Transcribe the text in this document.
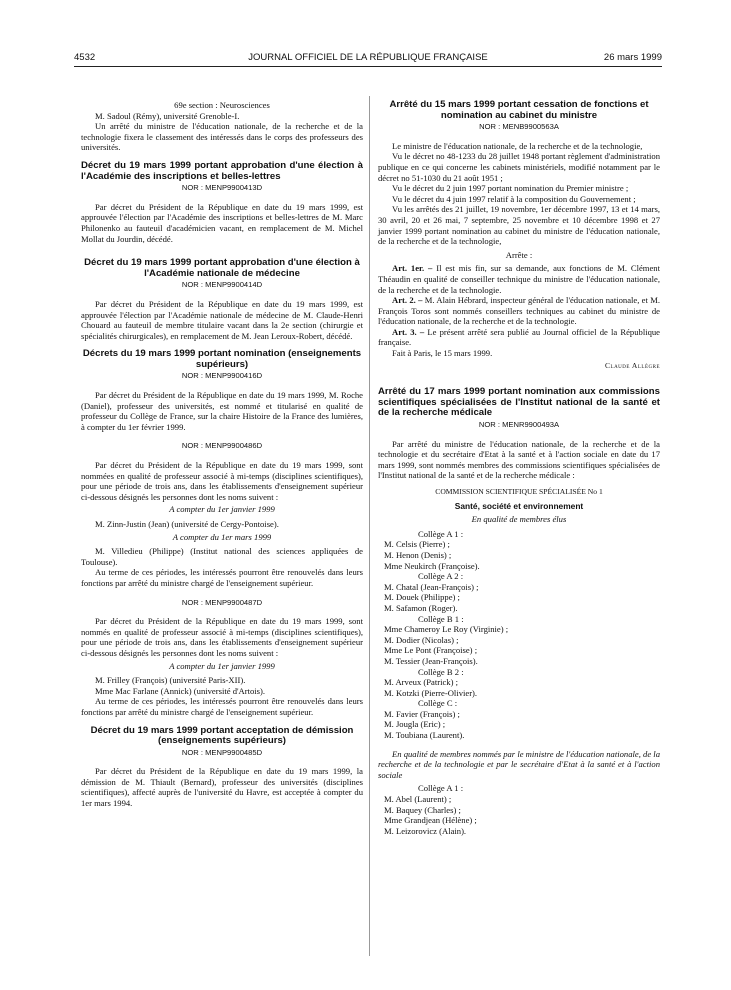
4532	JOURNAL OFFICIEL DE LA RÉPUBLIQUE FRANÇAISE	26 mars 1999

69e section : Neurosciences

M. Sadoul (Rémy), université Grenoble-I.

Un arrêté du ministre de l'éducation nationale, de la recherche et de la technologie fixera le classement des intéressés dans le corps des professeurs des universités.

Décret du 19 mars 1999 portant approbation d'une élection à l'Académie des inscriptions et belles-lettres

NOR : MENP9900413D

Par décret du Président de la République en date du 19 mars 1999, est approuvée l'élection par l'Académie des inscriptions et belles-lettres de M. Marc Philonenko au fauteuil d'académicien vacant, en remplacement de M. Michel Mollat du Jourdin, décédé.

Décret du 19 mars 1999 portant approbation d'une élection à l'Académie nationale de médecine

NOR : MENP9900414D

Par décret du Président de la République en date du 19 mars 1999, est approuvée l'élection par l'Académie nationale de médecine de M. Claude-Henri Chouard au fauteuil de membre titulaire vacant dans la 2e section (chirurgie et spécialités chirurgicales), en remplacement de M. Jean Leroux-Robert, décédé.

Décrets du 19 mars 1999 portant nomination (enseignements supérieurs)

NOR : MENP9900416D

Par décret du Président de la République en date du 19 mars 1999, M. Roche (Daniel), professeur des universités, est nommé et titularisé en qualité de professeur du Collège de France, sur la chaire Histoire de la France des lumières, à compter du 1er février 1999.

NOR : MENP9900486D

Par décret du Président de la République en date du 19 mars 1999, sont nommées en qualité de professeur associé à mi-temps (disciplines scientifiques), pour une période de trois ans, dans les établissements d'enseignement supérieur ci-dessous désignés les personnes dont les noms suivent :

A compter du 1er janvier 1999

M. Zinn-Justin (Jean) (université de Cergy-Pontoise).

A compter du 1er mars 1999

M. Villedieu (Philippe) (Institut national des sciences appliquées de Toulouse).

Au terme de ces périodes, les intéressés pourront être renouvelés dans leurs fonctions par arrêté du ministre chargé de l'enseignement supérieur.

NOR : MENP9900487D

Par décret du Président de la République en date du 19 mars 1999, sont nommés en qualité de professeur associé à mi-temps (disciplines scientifiques), pour une période de trois ans, dans les établissements d'enseignement supérieur ci-dessous désignés les personnes dont les noms suivent :

A compter du 1er janvier 1999

M. Frilley (François) (université Paris-XII).

Mme Mac Farlane (Annick) (université d'Artois).

Au terme de ces périodes, les intéressés pourront être renouvelés dans leurs fonctions par arrêté du ministre chargé de l'enseignement supérieur.

Décret du 19 mars 1999 portant acceptation de démission (enseignements supérieurs)

NOR : MENP9900485D

Par décret du Président de la République en date du 19 mars 1999, la démission de M. Thiault (Bernard), professeur des universités (disciplines scientifiques), affecté auprès de l'université du Havre, est acceptée à compter du 1er mars 1994.

Arrêté du 15 mars 1999 portant cessation de fonctions et nomination au cabinet du ministre

NOR : MENB9900563A

Le ministre de l'éducation nationale, de la recherche et de la technologie,

Vu le décret no 48-1233 du 28 juillet 1948 portant règlement d'administration publique en ce qui concerne les cabinets ministériels, modifié notamment par le décret no 51-1030 du 21 août 1951 ;

Vu le décret du 2 juin 1997 portant nomination du Premier ministre ;

Vu le décret du 4 juin 1997 relatif à la composition du Gouvernement ;

Vu les arrêtés des 21 juillet, 19 novembre, 1er décembre 1997, 13 et 14 mars, 30 avril, 20 et 26 mai, 7 septembre, 25 novembre et 10 décembre 1998 et 27 janvier 1999 portant nomination au cabinet du ministre de l'éducation nationale, de la recherche et de la technologie,

Arrête :

Art. 1er. – Il est mis fin, sur sa demande, aux fonctions de M. Clément Théaudin en qualité de conseiller technique du ministre de l'éducation nationale, de la recherche et de la technologie.

Art. 2. – M. Alain Hébrard, inspecteur général de l'éducation nationale, et M. François Toros sont nommés conseillers techniques au cabinet du ministre de l'éducation nationale, de la recherche et de la technologie.

Art. 3. – Le présent arrêté sera publié au Journal officiel de la République française.

Fait à Paris, le 15 mars 1999.

Claude Allègre

Arrêté du 17 mars 1999 portant nomination aux commissions scientifiques spécialisées de l'Institut national de la santé et de la recherche médicale

NOR : MENR9900493A

Par arrêté du ministre de l'éducation nationale, de la recherche et de la technologie et du secrétaire d'Etat à la santé et à l'action sociale en date du 17 mars 1999, sont nommés membres des commissions scientifiques spécialisées de l'Institut national de la santé et de la recherche médicale :

COMMISSION SCIENTIFIQUE SPÉCIALISÉE No 1

Santé, société et environnement

En qualité de membres élus

Collège A 1 :

M. Celsis (Pierre) ;

M. Henon (Denis) ;

Mme Neukirch (Françoise).

Collège A 2 :

M. Chatal (Jean-François) ;

M. Douek (Philippe) ;

M. Safamon (Roger).

Collège B 1 :

Mme Chameroy Le Roy (Virginie) ;

M. Dodier (Nicolas) ;

Mme Le Pont (Françoise) ;

M. Tessier (Jean-François).

Collège B 2 :

M. Arveux (Patrick) ;

M. Kotzki (Pierre-Olivier).

Collège C :

M. Favier (François) ;

M. Jougla (Eric) ;

M. Toubiana (Laurent).

En qualité de membres nommés par le ministre de l'éducation nationale, de la recherche et de la technologie et par le secrétaire d'Etat à la santé et à l'action sociale

Collège A 1 :

M. Abel (Laurent) ;

M. Baquey (Charles) ;

Mme Grandjean (Hélène) ;

M. Leizorovicz (Alain).
